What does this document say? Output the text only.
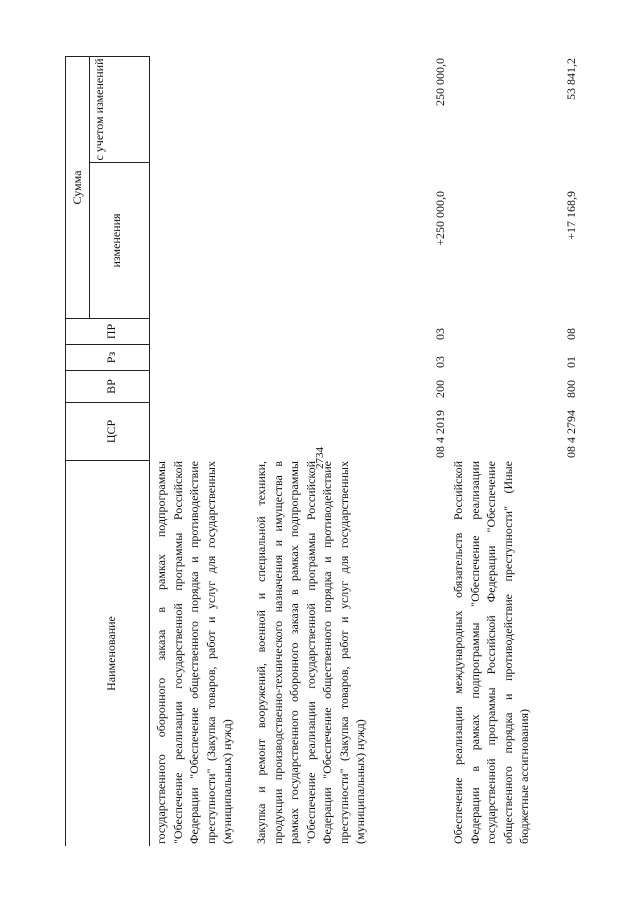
2734
Наименование
ЦСР
ВР
Рз
ПР
Сумма
изменения
с учетом изменений
государственного оборонного заказа в рамках подпрограммы "Обеспечение реализации государственной программы Российской Федерации "Обеспечение общественного порядка и противодействие преступности" (Закупка товаров, работ и услуг для государственных (муниципальных) нужд) Закупка и ремонт вооружений, военной и специальной техники, продукции производственно-технического назначения и имущества в рамках государственного оборонного заказа в рамках подпрограммы "Обеспечение реализации государственной программы Российской Федерации "Обеспечение общественного порядка и противодействие преступности" (Закупка товаров, работ и услуг для государственных (муниципальных) нужд)
08 4 2019
200
03
03
+250 000,0
250 000,0
Обеспечение реализации международных обязательств Российской Федерации в рамках подпрограммы "Обеспечение реализации государственной программы Российской Федерации "Обеспечение общественного порядка и противодействие преступности" (Иные бюджетные ассигнования)
08 4 2794
800
01
08
+17 168,9
53 841,2
